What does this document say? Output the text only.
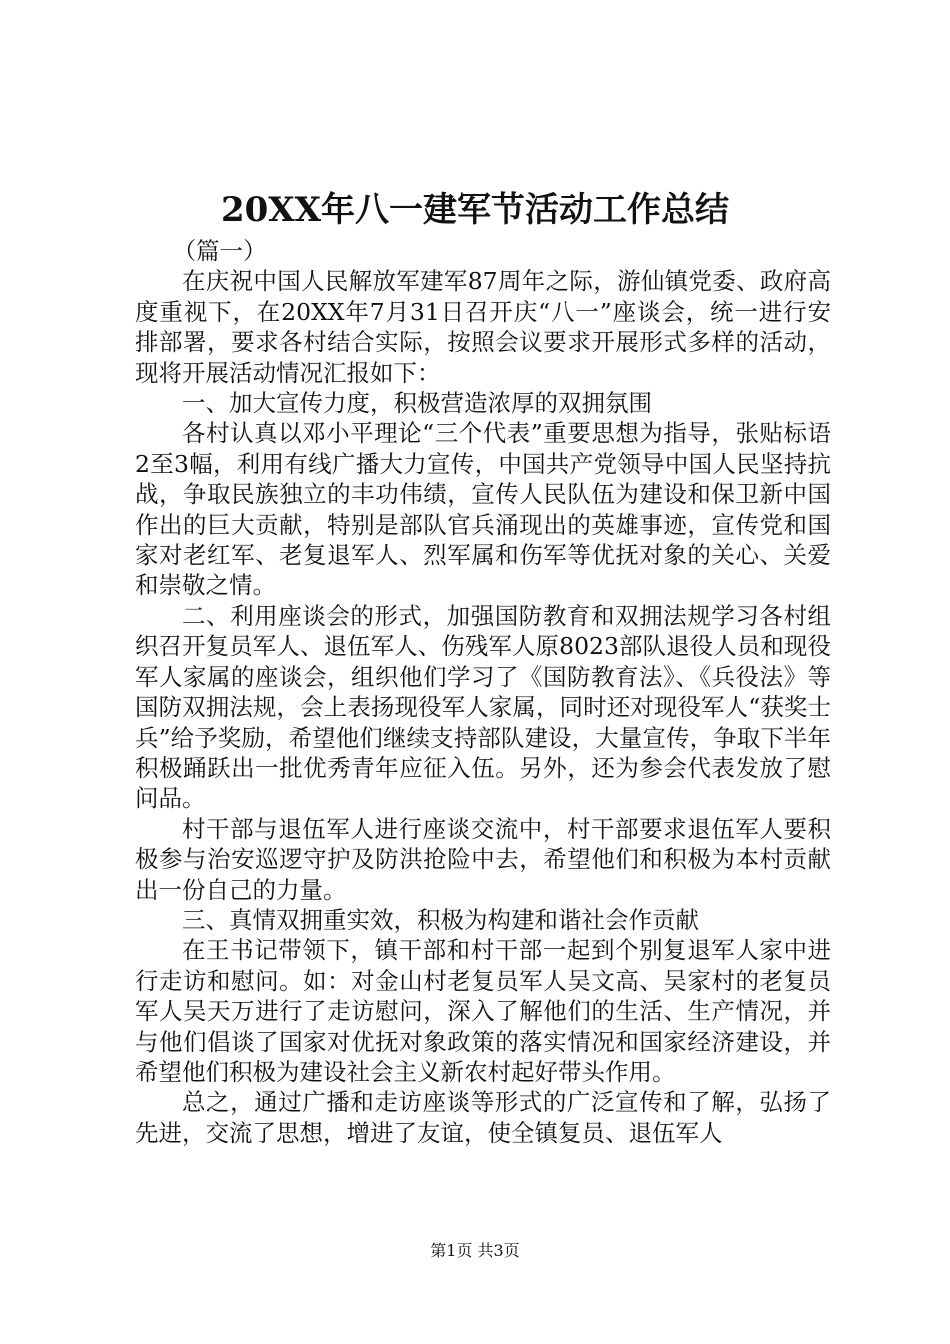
20XX年八一建军节活动工作总结

（篇一）

在庆祝中国人民解放军建军87周年之际，游仙镇党委、政府高度重视下，在20XX年7月31日召开庆“八一”座谈会，统一进行安排部署，要求各村结合实际，按照会议要求开展形式多样的活动，现将开展活动情况汇报如下：

一、加大宣传力度，积极营造浓厚的双拥氛围

各村认真以邓小平理论“三个代表”重要思想为指导，张贴标语2至3幅，利用有线广播大力宣传，中国共产党领导中国人民坚持抗战，争取民族独立的丰功伟绩，宣传人民队伍为建设和保卫新中国作出的巨大贡献，特别是部队官兵涌现出的英雄事迹，宣传党和国家对老红军、老复退军人、烈军属和伤军等优抚对象的关心、关爱和崇敬之情。

二、利用座谈会的形式，加强国防教育和双拥法规学习各村组织召开复员军人、退伍军人、伤残军人原8023部队退役人员和现役军人家属的座谈会，组织他们学习了《国防教育法》、《兵役法》等国防双拥法规，会上表扬现役军人家属，同时还对现役军人“获奖士兵”给予奖励，希望他们继续支持部队建设，大量宣传，争取下半年积极踊跃出一批优秀青年应征入伍。另外，还为参会代表发放了慰问品。

村干部与退伍军人进行座谈交流中，村干部要求退伍军人要积极参与治安巡逻守护及防洪抢险中去，希望他们和积极为本村贡献出一份自己的力量。

三、真情双拥重实效，积极为构建和谐社会作贡献

在王书记带领下，镇干部和村干部一起到个别复退军人家中进行走访和慰问。如：对金山村老复员军人吴文高、吴家村的老复员军人吴天万进行了走访慰问，深入了解他们的生活、生产情况，并与他们倡谈了国家对优抚对象政策的落实情况和国家经济建设，并希望他们积极为建设社会主义新农村起好带头作用。

总之，通过广播和走访座谈等形式的广泛宣传和了解，弘扬了先进，交流了思想，增进了友谊，使全镇复员、退伍军人

第1页 共3页
